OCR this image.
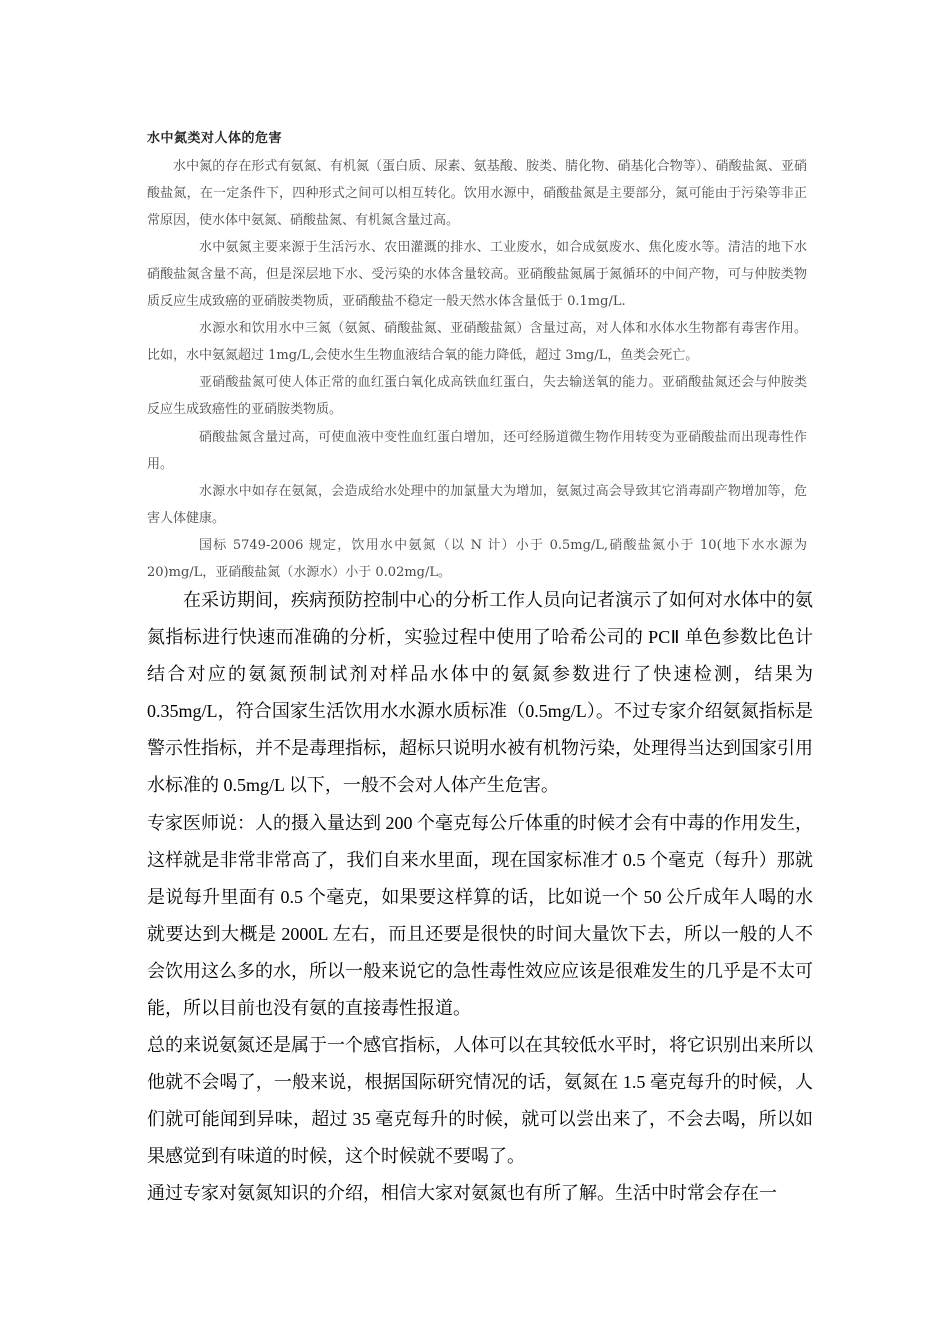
水中氮类对人体的危害

水中氮的存在形式有氨氮、有机氮（蛋白质、尿素、氨基酸、胺类、腈化物、硝基化合物等）、硝酸盐氮、亚硝酸盐氮，在一定条件下，四种形式之间可以相互转化。饮用水源中，硝酸盐氮是主要部分，氮可能由于污染等非正常原因，使水体中氨氮、硝酸盐氮、有机氮含量过高。

水中氨氮主要来源于生活污水、农田灌溉的排水、工业废水，如合成氨废水、焦化废水等。清洁的地下水硝酸盐氮含量不高，但是深层地下水、受污染的水体含量较高。亚硝酸盐氮属于氮循环的中间产物，可与仲胺类物质反应生成致癌的亚硝胺类物质，亚硝酸盐不稳定一般天然水体含量低于 0.1mg/L.

水源水和饮用水中三氮（氨氮、硝酸盐氮、亚硝酸盐氮）含量过高，对人体和水体水生物都有毒害作用。比如，水中氨氮超过 1mg/L,会使水生生物血液结合氧的能力降低，超过 3mg/L，鱼类会死亡。

亚硝酸盐氮可使人体正常的血红蛋白氧化成高铁血红蛋白，失去输送氧的能力。亚硝酸盐氮还会与仲胺类反应生成致癌性的亚硝胺类物质。

硝酸盐氮含量过高，可使血液中变性血红蛋白增加，还可经肠道微生物作用转变为亚硝酸盐而出现毒性作用。

水源水中如存在氨氮，会造成给水处理中的加氯量大为增加，氨氮过高会导致其它消毒副产物增加等，危害人体健康。

国标 5749-2006 规定，饮用水中氨氮（以 N 计）小于 0.5mg/L,硝酸盐氮小于 10(地下水水源为 20)mg/L，亚硝酸盐氮（水源水）小于 0.02mg/L。

在采访期间，疾病预防控制中心的分析工作人员向记者演示了如何对水体中的氨氮指标进行快速而准确的分析，实验过程中使用了哈希公司的 PCⅡ 单色参数比色计结合对应的氨氮预制试剂对样品水体中的氨氮参数进行了快速检测，结果为 0.35mg/L，符合国家生活饮用水水源水质标准（0.5mg/L）。不过专家介绍氨氮指标是警示性指标，并不是毒理指标，超标只说明水被有机物污染，处理得当达到国家引用水标准的 0.5mg/L 以下，一般不会对人体产生危害。

专家医师说：人的摄入量达到 200 个毫克每公斤体重的时候才会有中毒的作用发生，这样就是非常非常高了，我们自来水里面，现在国家标准才 0.5 个毫克（每升）那就是说每升里面有 0.5 个毫克，如果要这样算的话，比如说一个 50 公斤成年人喝的水就要达到大概是 2000L 左右，而且还要是很快的时间大量饮下去，所以一般的人不会饮用这么多的水，所以一般来说它的急性毒性效应应该是很难发生的几乎是不太可能，所以目前也没有氨的直接毒性报道。

总的来说氨氮还是属于一个感官指标，人体可以在其较低水平时，将它识别出来所以他就不会喝了，一般来说，根据国际研究情况的话，氨氮在 1.5 毫克每升的时候，人们就可能闻到异味，超过 35 毫克每升的时候，就可以尝出来了，不会去喝，所以如果感觉到有味道的时候，这个时候就不要喝了。

通过专家对氨氮知识的介绍，相信大家对氨氮也有所了解。生活中时常会存在一
